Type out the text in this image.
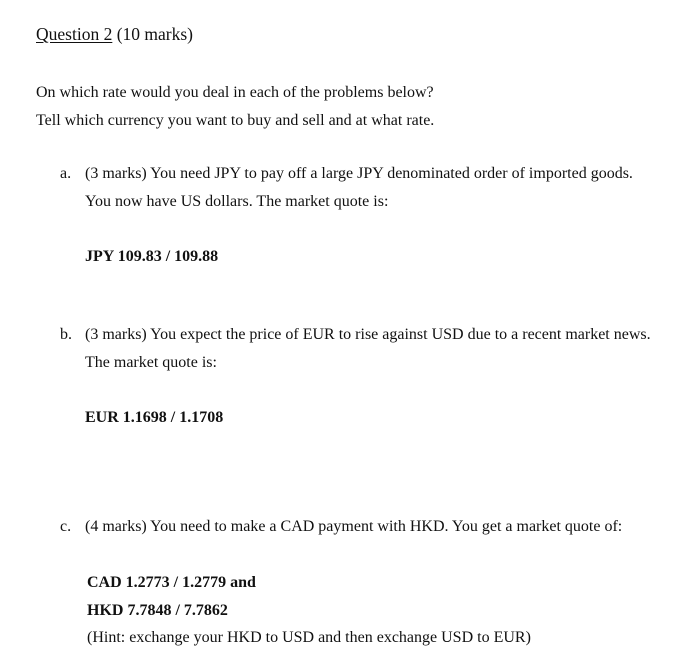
Question 2 (10 marks)
On which rate would you deal in each of the problems below?
Tell which currency you want to buy and sell and at what rate.
a. (3 marks) You need JPY to pay off a large JPY denominated order of imported goods.
You now have US dollars. The market quote is:
JPY 109.83 / 109.88
b. (3 marks) You expect the price of EUR to rise against USD due to a recent market news.
The market quote is:
EUR 1.1698 / 1.1708
c. (4 marks) You need to make a CAD payment with HKD. You get a market quote of:
CAD 1.2773 / 1.2779 and
HKD 7.7848 / 7.7862
(Hint: exchange your HKD to USD and then exchange USD to EUR)
